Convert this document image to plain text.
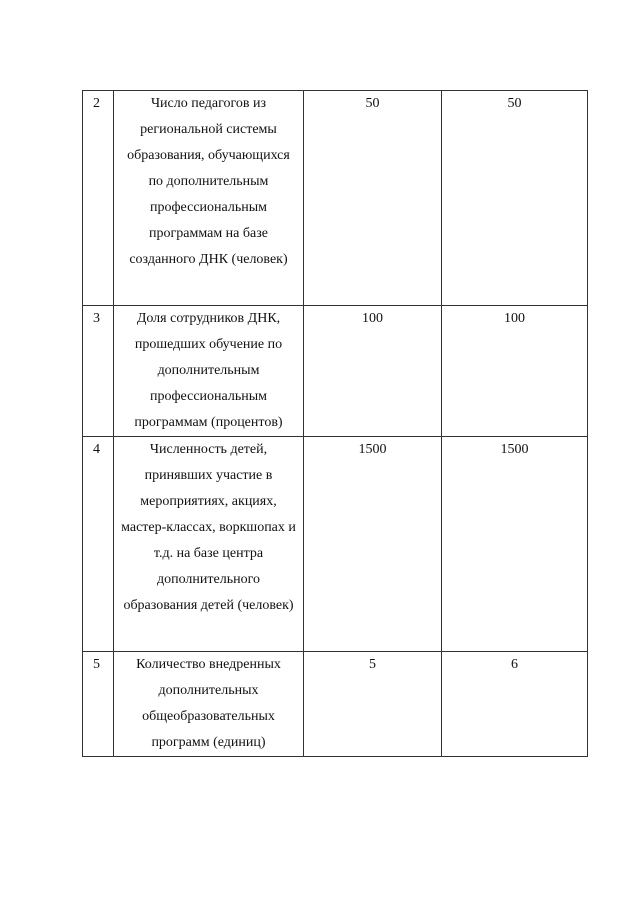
2	Число педагогов из региональной системы образования, обучающихся по дополнительным профессиональным программам на базе созданного ДНК (человек)	50	50
3	Доля сотрудников ДНК, прошедших обучение по дополнительным профессиональным программам (процентов)	100	100
4	Численность детей, принявших участие в мероприятиях, акциях, мастер-классах, воркшопах и т.д. на базе центра дополнительного образования детей (человек)	1500	1500
5	Количество внедренных дополнительных общеобразовательных программ (единиц)	5	6
